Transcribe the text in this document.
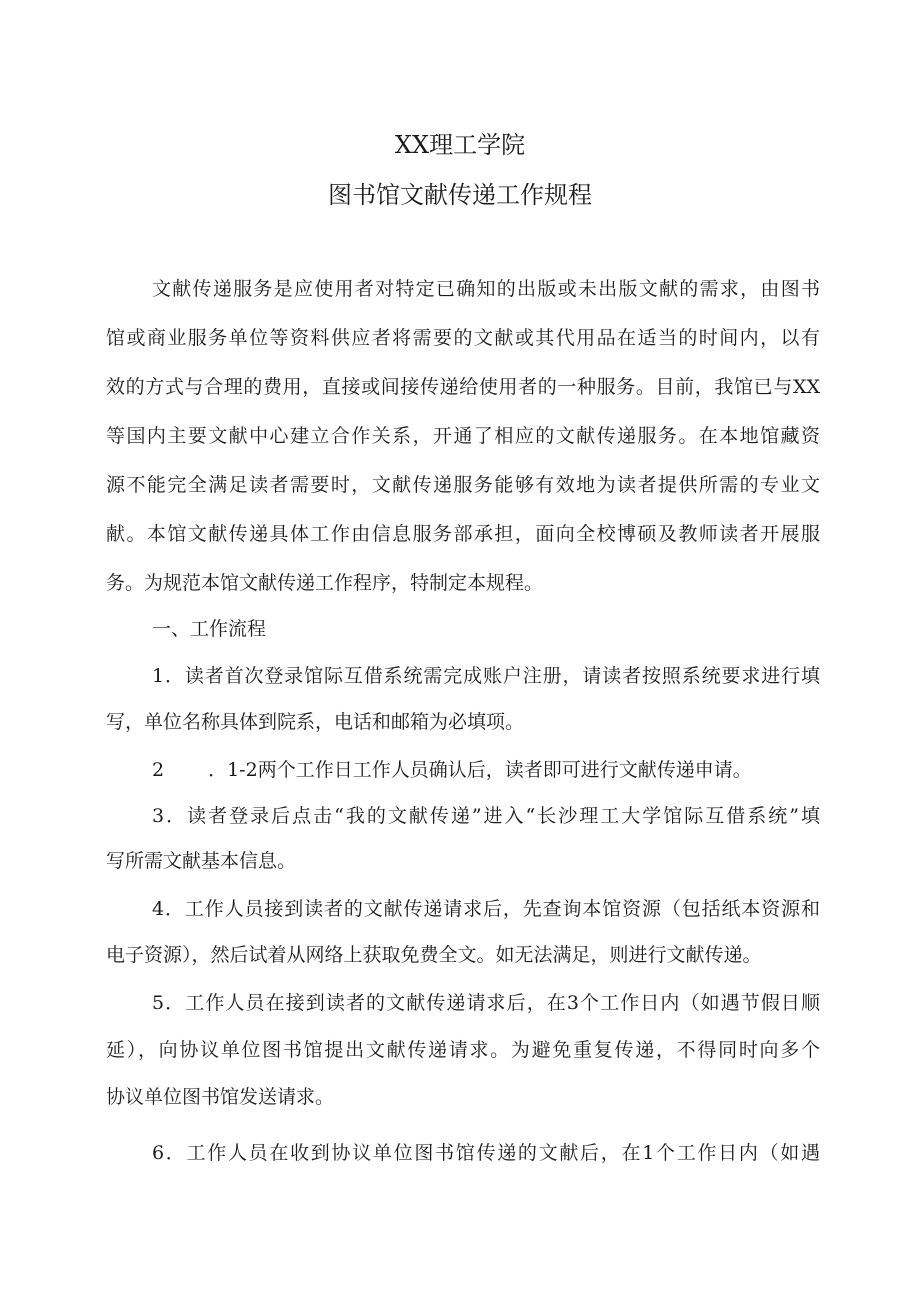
XX理工学院
图书馆文献传递工作规程
文献传递服务是应使用者对特定已确知的出版或未出版文献的需求，由图书
馆或商业服务单位等资料供应者将需要的文献或其代用品在适当的时间内，以有
效的方式与合理的费用，直接或间接传递给使用者的一种服务。目前，我馆已与XX
等国内主要文献中心建立合作关系，开通了相应的文献传递服务。在本地馆藏资
源不能完全满足读者需要时，文献传递服务能够有效地为读者提供所需的专业文
献。本馆文献传递具体工作由信息服务部承担，面向全校博硕及教师读者开展服
务。为规范本馆文献传递工作程序，特制定本规程。
一、工作流程
1．读者首次登录馆际互借系统需完成账户注册，请读者按照系统要求进行填
写，单位名称具体到院系，电话和邮箱为必填项。
2 ．1-2两个工作日工作人员确认后，读者即可进行文献传递申请。
3．读者登录后点击“我的文献传递”进入“长沙理工大学馆际互借系统”填
写所需文献基本信息。
4．工作人员接到读者的文献传递请求后，先查询本馆资源（包括纸本资源和
电子资源），然后试着从网络上获取免费全文。如无法满足，则进行文献传递。
5．工作人员在接到读者的文献传递请求后，在3个工作日内（如遇节假日顺
延），向协议单位图书馆提出文献传递请求。为避免重复传递，不得同时向多个
协议单位图书馆发送请求。
6．工作人员在收到协议单位图书馆传递的文献后，在1个工作日内（如遇
